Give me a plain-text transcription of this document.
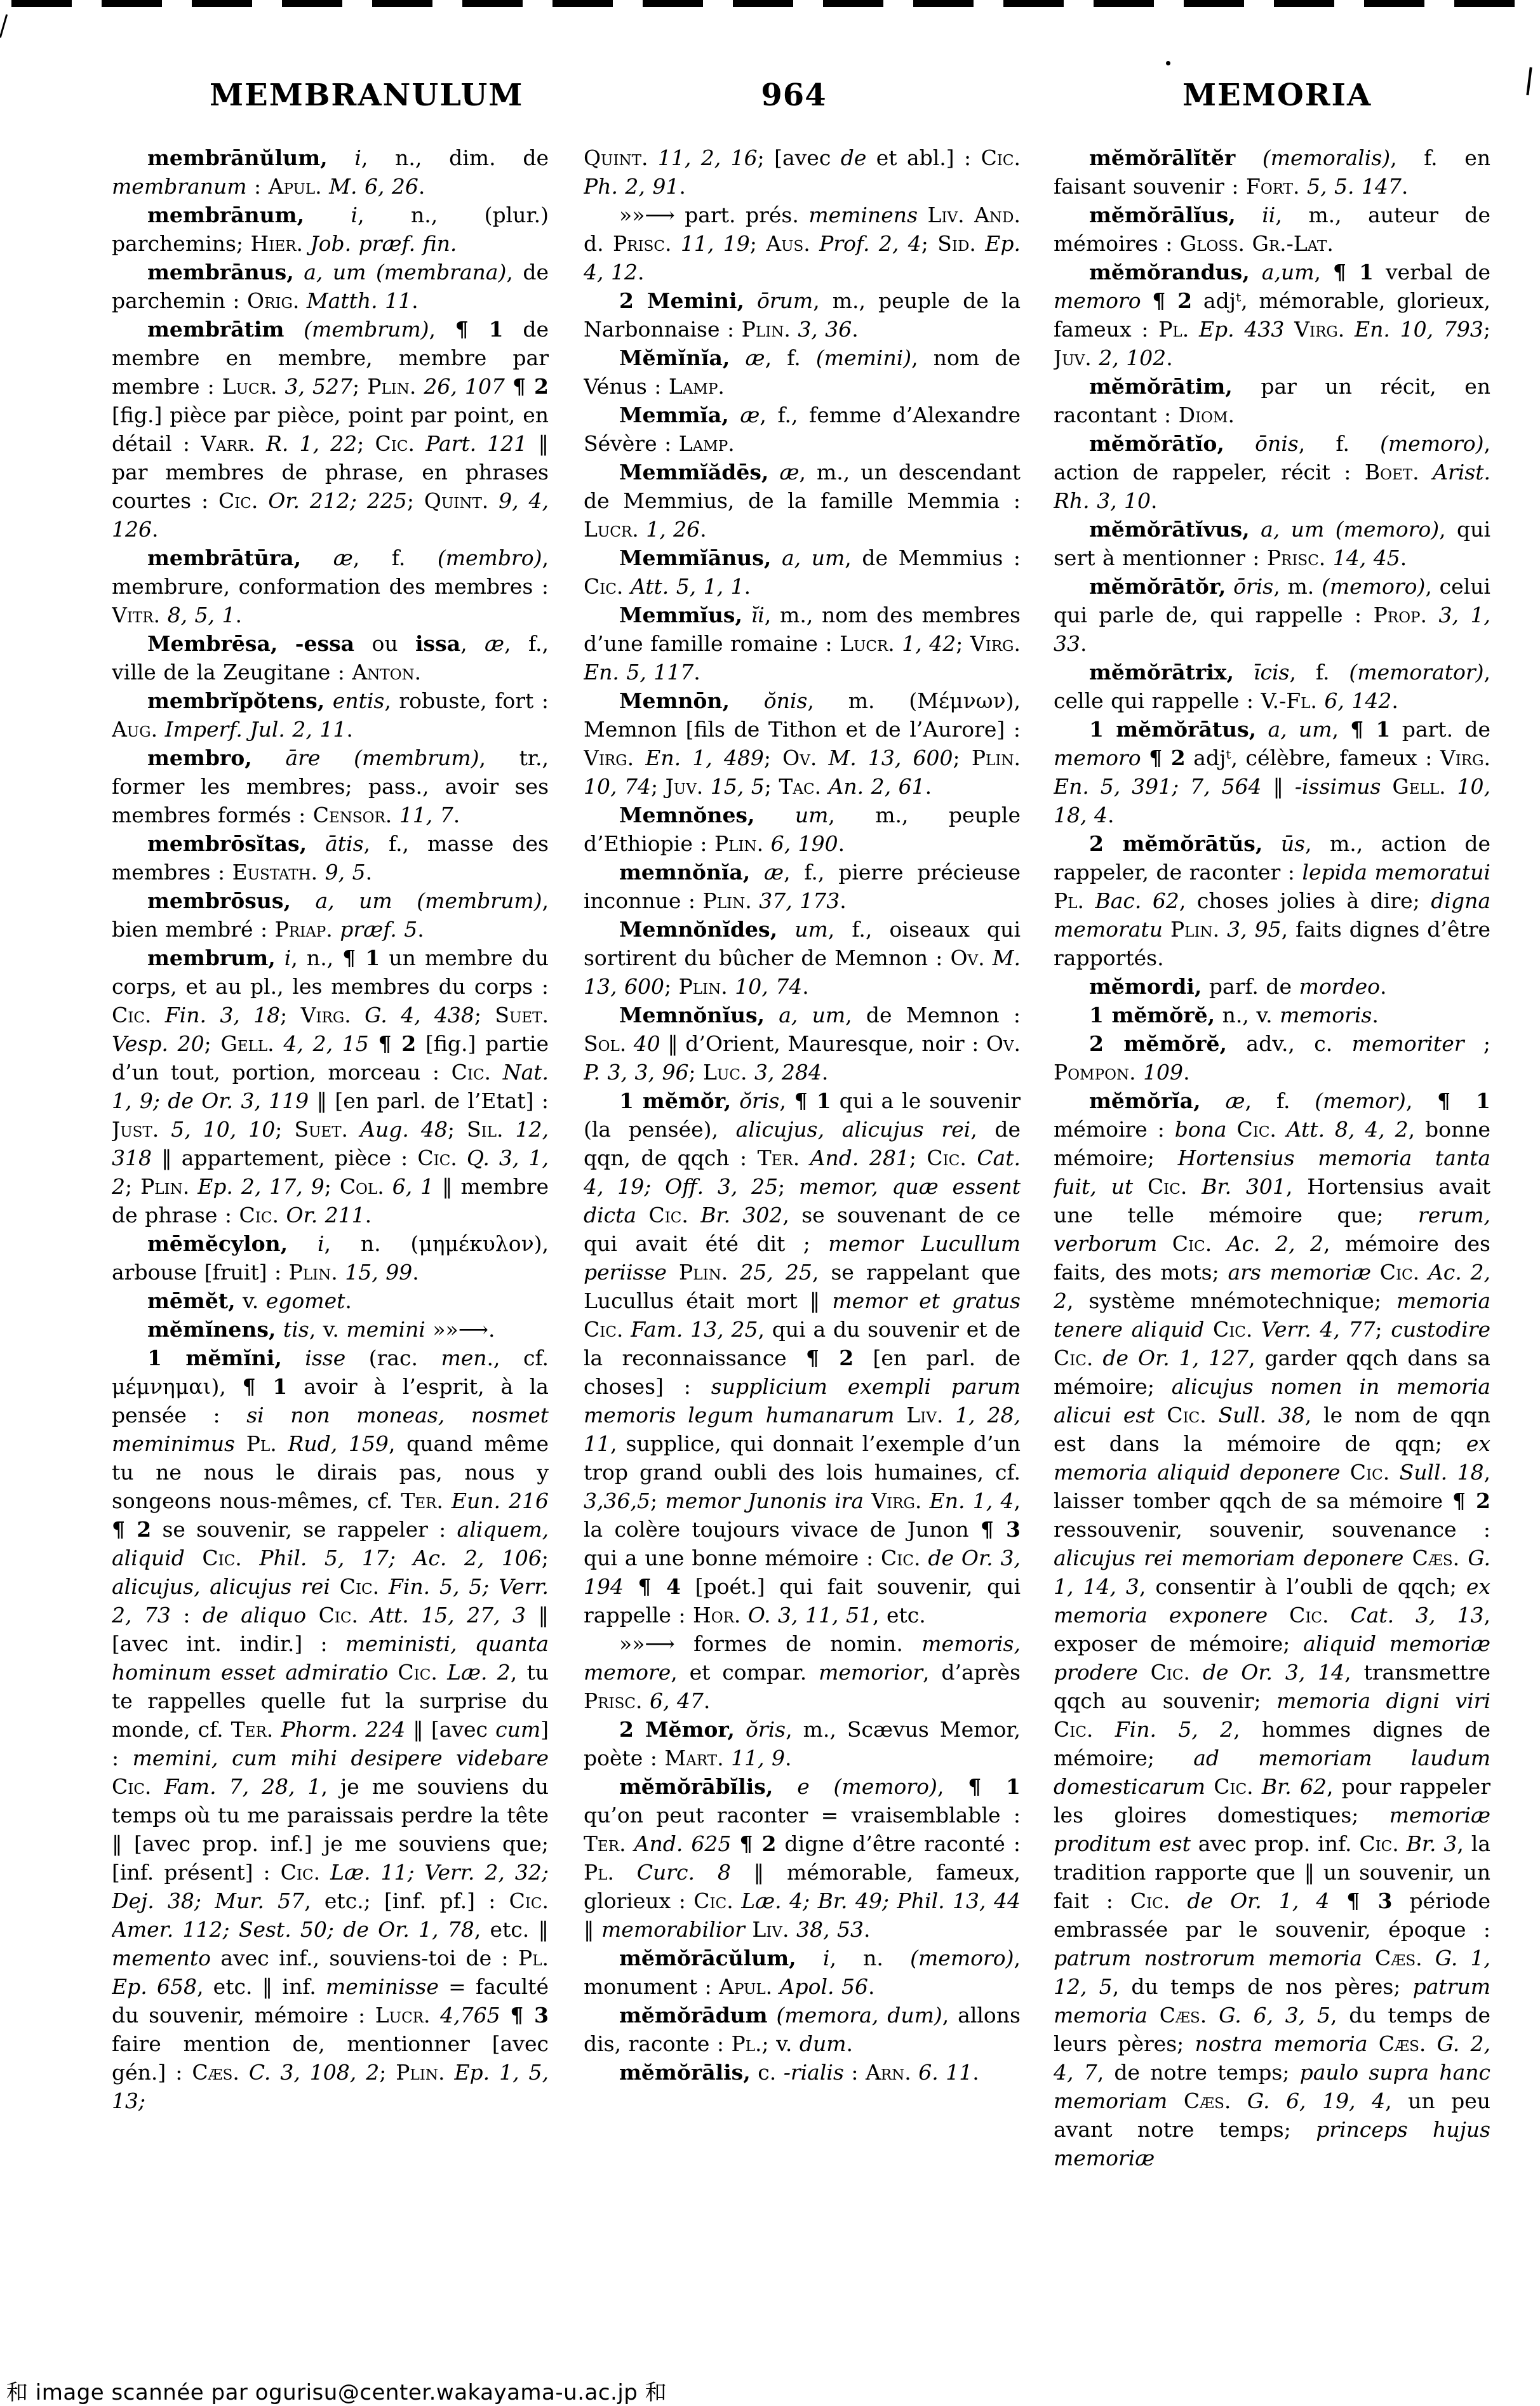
MEMBRANULUM	964	MEMORIA

membrānŭlum, i, n., dim. de membranum : Apul. M. 6, 26.

membrānum, i, n., (plur.) parchemins; Hier. Job. præf. fin.

membrānus, a, um (membrana), de parchemin : Orig. Matth. 11.

membrātim (membrum), ¶ 1 de membre en membre, membre par membre : Lucr. 3, 527; Plin. 26, 107 ¶ 2 [fig.] pièce par pièce, point par point, en détail : Varr. R. 1, 22; Cic. Part. 121 ‖ par membres de phrase, en phrases courtes : Cic. Or. 212; 225; Quint. 9, 4, 126.

membrātūra, æ, f. (membro), membrure, conformation des membres : Vitr. 8, 5, 1.

Membrēsa, -essa ou issa, æ, f., ville de la Zeugitane : Anton.

membrĭpŏtens, entis, robuste, fort : Aug. Imperf. Jul. 2, 11.

membro, āre (membrum), tr., former les membres; pass., avoir ses membres formés : Censor. 11, 7.

membrōsĭtas, ātis, f., masse des membres : Eustath. 9, 5.

membrōsus, a, um (membrum), bien membré : Priap. præf. 5.

membrum, i, n., ¶ 1 un membre du corps, et au pl., les membres du corps : Cic. Fin. 3, 18; Virg. G. 4, 438; Suet. Vesp. 20; Gell. 4, 2, 15 ¶ 2 [fig.] partie d’un tout, portion, morceau : Cic. Nat. 1, 9; de Or. 3, 119 ‖ [en parl. de l’Etat] : Just. 5, 10, 10; Suet. Aug. 48; Sil. 12, 318 ‖ appartement, pièce : Cic. Q. 3, 1, 2; Plin. Ep. 2, 17, 9; Col. 6, 1 ‖ membre de phrase : Cic. Or. 211.

mēmĕcylon, i, n. (μημέκυλον), arbouse [fruit] : Plin. 15, 99.

mēmĕt, v. egomet.

mĕmĭnens, tis, v. memini »»⟶.

1 mĕmĭni, isse (rac. men., cf. μέμνημαι), ¶ 1 avoir à l’esprit, à la pensée : si non moneas, nosmet meminimus Pl. Rud, 159, quand même tu ne nous le dirais pas, nous y songeons nous-mêmes, cf. Ter. Eun. 216 ¶ 2 se souvenir, se rappeler : aliquem, aliquid Cic. Phil. 5, 17; Ac. 2, 106; alicujus, alicujus rei Cic. Fin. 5, 5; Verr. 2, 73 : de aliquo Cic. Att. 15, 27, 3 ‖ [avec int. indir.] : meministi, quanta hominum esset admiratio Cic. Læ. 2, tu te rappelles quelle fut la surprise du monde, cf. Ter. Phorm. 224 ‖ [avec cum] : memini, cum mihi desipere videbare Cic. Fam. 7, 28, 1, je me souviens du temps où tu me paraissais perdre la tête ‖ [avec prop. inf.] je me souviens que; [inf. présent] : Cic. Læ. 11; Verr. 2, 32; Dej. 38; Mur. 57, etc.; [inf. pf.] : Cic. Amer. 112; Sest. 50; de Or. 1, 78, etc. ‖ memento avec inf., souviens-toi de : Pl. Ep. 658, etc. ‖ inf. meminisse = faculté du souvenir, mémoire : Lucr. 4,765 ¶ 3 faire mention de, mentionner [avec gén.] : Cæs. C. 3, 108, 2; Plin. Ep. 1, 5, 13;

Quint. 11, 2, 16; [avec de et abl.] : Cic. Ph. 2, 91.

»»⟶ part. prés. meminens Liv. And. d. Prisc. 11, 19; Aus. Prof. 2, 4; Sid. Ep. 4, 12.

2 Memini, ōrum, m., peuple de la Narbonnaise : Plin. 3, 36.

Mĕmĭnĭa, æ, f. (memini), nom de Vénus : Lamp.

Memmĭa, æ, f., femme d’Alexandre Sévère : Lamp.

Memmĭădēs, æ, m., un descendant de Memmius, de la famille Memmia : Lucr. 1, 26.

Memmĭānus, a, um, de Memmius : Cic. Att. 5, 1, 1.

Memmĭus, ĭi, m., nom des membres d’une famille romaine : Lucr. 1, 42; Virg. En. 5, 117.

Memnōn, ŏnis, m. (Μέμνων), Memnon [fils de Tithon et de l’Aurore] : Virg. En. 1, 489; Ov. M. 13, 600; Plin. 10, 74; Juv. 15, 5; Tac. An. 2, 61.

Memnŏnes, um, m., peuple d’Ethiopie : Plin. 6, 190.

memnŏnĭa, æ, f., pierre précieuse inconnue : Plin. 37, 173.

Memnŏnĭdes, um, f., oiseaux qui sortirent du bûcher de Memnon : Ov. M. 13, 600; Plin. 10, 74.

Memnŏnĭus, a, um, de Memnon : Sol. 40 ‖ d’Orient, Mauresque, noir : Ov. P. 3, 3, 96; Luc. 3, 284.

1 mĕmŏr, ŏris, ¶ 1 qui a le souvenir (la pensée), alicujus, alicujus rei, de qqn, de qqch : Ter. And. 281; Cic. Cat. 4, 19; Off. 3, 25; memor, quæ essent dicta Cic. Br. 302, se souvenant de ce qui avait été dit ; memor Lucullum periisse Plin. 25, 25, se rappelant que Lucullus était mort ‖ memor et gratus Cic. Fam. 13, 25, qui a du souvenir et de la reconnaissance ¶ 2 [en parl. de choses] : supplicium exempli parum memoris legum humanarum Liv. 1, 28, 11, supplice, qui donnait l’exemple d’un trop grand oubli des lois humaines, cf. 3,36,5; memor Junonis ira Virg. En. 1, 4, la colère toujours vivace de Junon ¶ 3 qui a une bonne mémoire : Cic. de Or. 3, 194 ¶ 4 [poét.] qui fait souvenir, qui rappelle : Hor. O. 3, 11, 51, etc.

»»⟶ formes de nomin. memoris, memore, et compar. memorior, d’après Prisc. 6, 47.

2 Mĕmor, ŏris, m., Scævus Memor, poète : Mart. 11, 9.

mĕmŏrābĭlis, e (memoro), ¶ 1 qu’on peut raconter = vraisemblable : Ter. And. 625 ¶ 2 digne d’être raconté : Pl. Curc. 8 ‖ mémorable, fameux, glorieux : Cic. Læ. 4; Br. 49; Phil. 13, 44 ‖ memorabilior Liv. 38, 53.

mĕmŏrācŭlum, i, n. (memoro), monument : Apul. Apol. 56.

mĕmŏrādum (memora, dum), allons dis, raconte : Pl.; v. dum.

mĕmŏrālis, c. -rialis : Arn. 6. 11.

mĕmŏrālĭtĕr (memoralis), f. en faisant souvenir : Fort. 5, 5. 147.

mĕmŏrālĭus, ii, m., auteur de mémoires : Gloss. Gr.-Lat.

mĕmŏrandus, a,um, ¶ 1 verbal de memoro ¶ 2 adjᵗ, mémorable, glorieux, fameux : Pl. Ep. 433 Virg. En. 10, 793; Juv. 2, 102.

mĕmŏrātim, par un récit, en racontant : Diom.

mĕmŏrātĭo, ōnis, f. (memoro), action de rappeler, récit : Boet. Arist. Rh. 3, 10.

mĕmŏrātĭvus, a, um (memoro), qui sert à mentionner : Prisc. 14, 45.

mĕmŏrātŏr, ōris, m. (memoro), celui qui parle de, qui rappelle : Prop. 3, 1, 33.

mĕmŏrātrix, īcis, f. (memorator), celle qui rappelle : V.-Fl. 6, 142.

1 mĕmŏrātus, a, um, ¶ 1 part. de memoro ¶ 2 adjᵗ, célèbre, fameux : Virg. En. 5, 391; 7, 564 ‖ -issimus Gell. 10, 18, 4.

2 mĕmŏrātŭs, ūs, m., action de rappeler, de raconter : lepida memoratui Pl. Bac. 62, choses jolies à dire; digna memoratu Plin. 3, 95, faits dignes d’être rapportés.

mĕmordi, parf. de mordeo.

1 mĕmŏrĕ, n., v. memoris.

2 mĕmŏrĕ, adv., c. memoriter ; Pompon. 109.

mĕmŏrĭa, æ, f. (memor), ¶ 1 mémoire : bona Cic. Att. 8, 4, 2, bonne mémoire; Hortensius memoria tanta fuit, ut Cic. Br. 301, Hortensius avait une telle mémoire que; rerum, verborum Cic. Ac. 2, 2, mémoire des faits, des mots; ars memoriæ Cic. Ac. 2, 2, système mnémotechnique; memoria tenere aliquid Cic. Verr. 4, 77; custodire Cic. de Or. 1, 127, garder qqch dans sa mémoire; alicujus nomen in memoria alicui est Cic. Sull. 38, le nom de qqn est dans la mémoire de qqn; ex memoria aliquid deponere Cic. Sull. 18, laisser tomber qqch de sa mémoire ¶ 2 ressouvenir, souvenir, souvenance : alicujus rei memoriam deponere Cæs. G. 1, 14, 3, consentir à l’oubli de qqch; ex memoria exponere Cic. Cat. 3, 13, exposer de mémoire; aliquid memoriæ prodere Cic. de Or. 3, 14, transmettre qqch au souvenir; memoria digni viri Cic. Fin. 5, 2, hommes dignes de mémoire; ad memoriam laudum domesticarum Cic. Br. 62, pour rappeler les gloires domestiques; memoriæ proditum est avec prop. inf. Cic. Br. 3, la tradition rapporte que ‖ un souvenir, un fait : Cic. de Or. 1, 4 ¶ 3 période embrassée par le souvenir, époque : patrum nostrorum memoria Cæs. G. 1, 12, 5, du temps de nos pères; patrum memoria Cæs. G. 6, 3, 5, du temps de leurs pères; nostra memoria Cæs. G. 2, 4, 7, de notre temps; paulo supra hanc memoriam Cæs. G. 6, 19, 4, un peu avant notre temps; princeps hujus memoriæ

和 image scannée par ogurisu@center.wakayama-u.ac.jp 和
